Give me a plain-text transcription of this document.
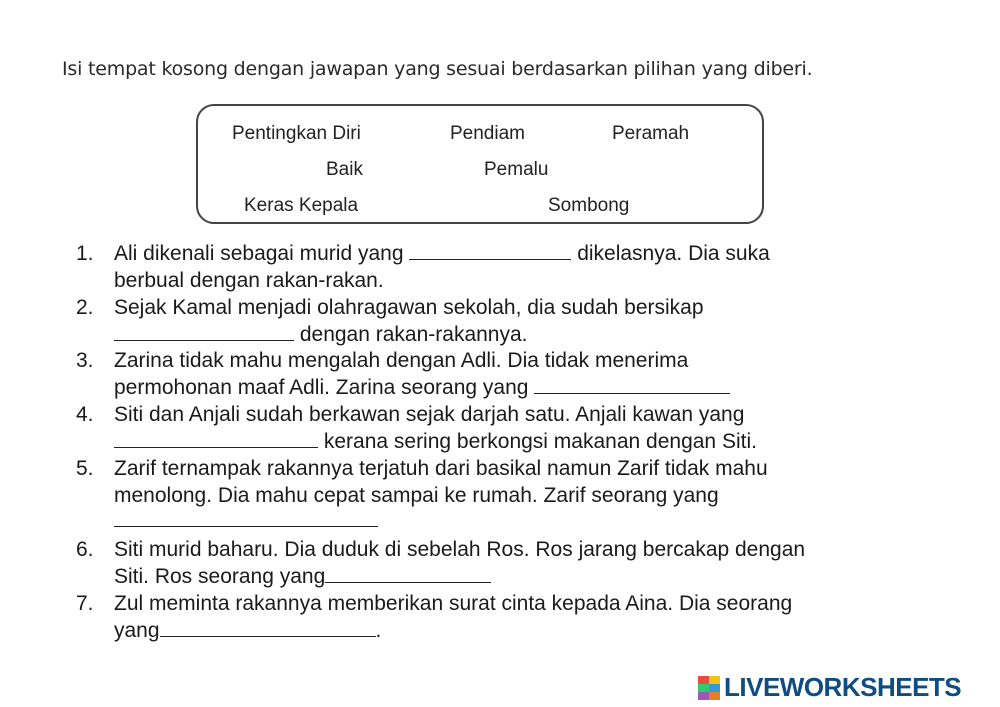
Isi tempat kosong dengan jawapan yang sesuai berdasarkan pilihan yang diberi.
Pentingkan Diri	Pendiam	Peramah
Baik	Pemalu
Keras Kepala	Sombong
1. Ali dikenali sebagai murid yang	dikelasnya. Dia suka
berbual dengan rakan-rakan.
2. Sejak Kamal menjadi olahragawan sekolah, dia sudah bersikap
dengan rakan-rakannya.
3. Zarina tidak mahu mengalah dengan Adli. Dia tidak menerima
permohonan maaf Adli. Zarina seorang yang
4. Siti dan Anjali sudah berkawan sejak darjah satu. Anjali kawan yang
kerana sering berkongsi makanan dengan Siti.
5. Zarif ternampak rakannya terjatuh dari basikal namun Zarif tidak mahu
menolong. Dia mahu cepat sampai ke rumah. Zarif seorang yang
6. Siti murid baharu. Dia duduk di sebelah Ros. Ros jarang bercakap dengan
Siti. Ros seorang yang
7. Zul meminta rakannya memberikan surat cinta kepada Aina. Dia seorang
yang	.
LIVEWORKSHEETS
